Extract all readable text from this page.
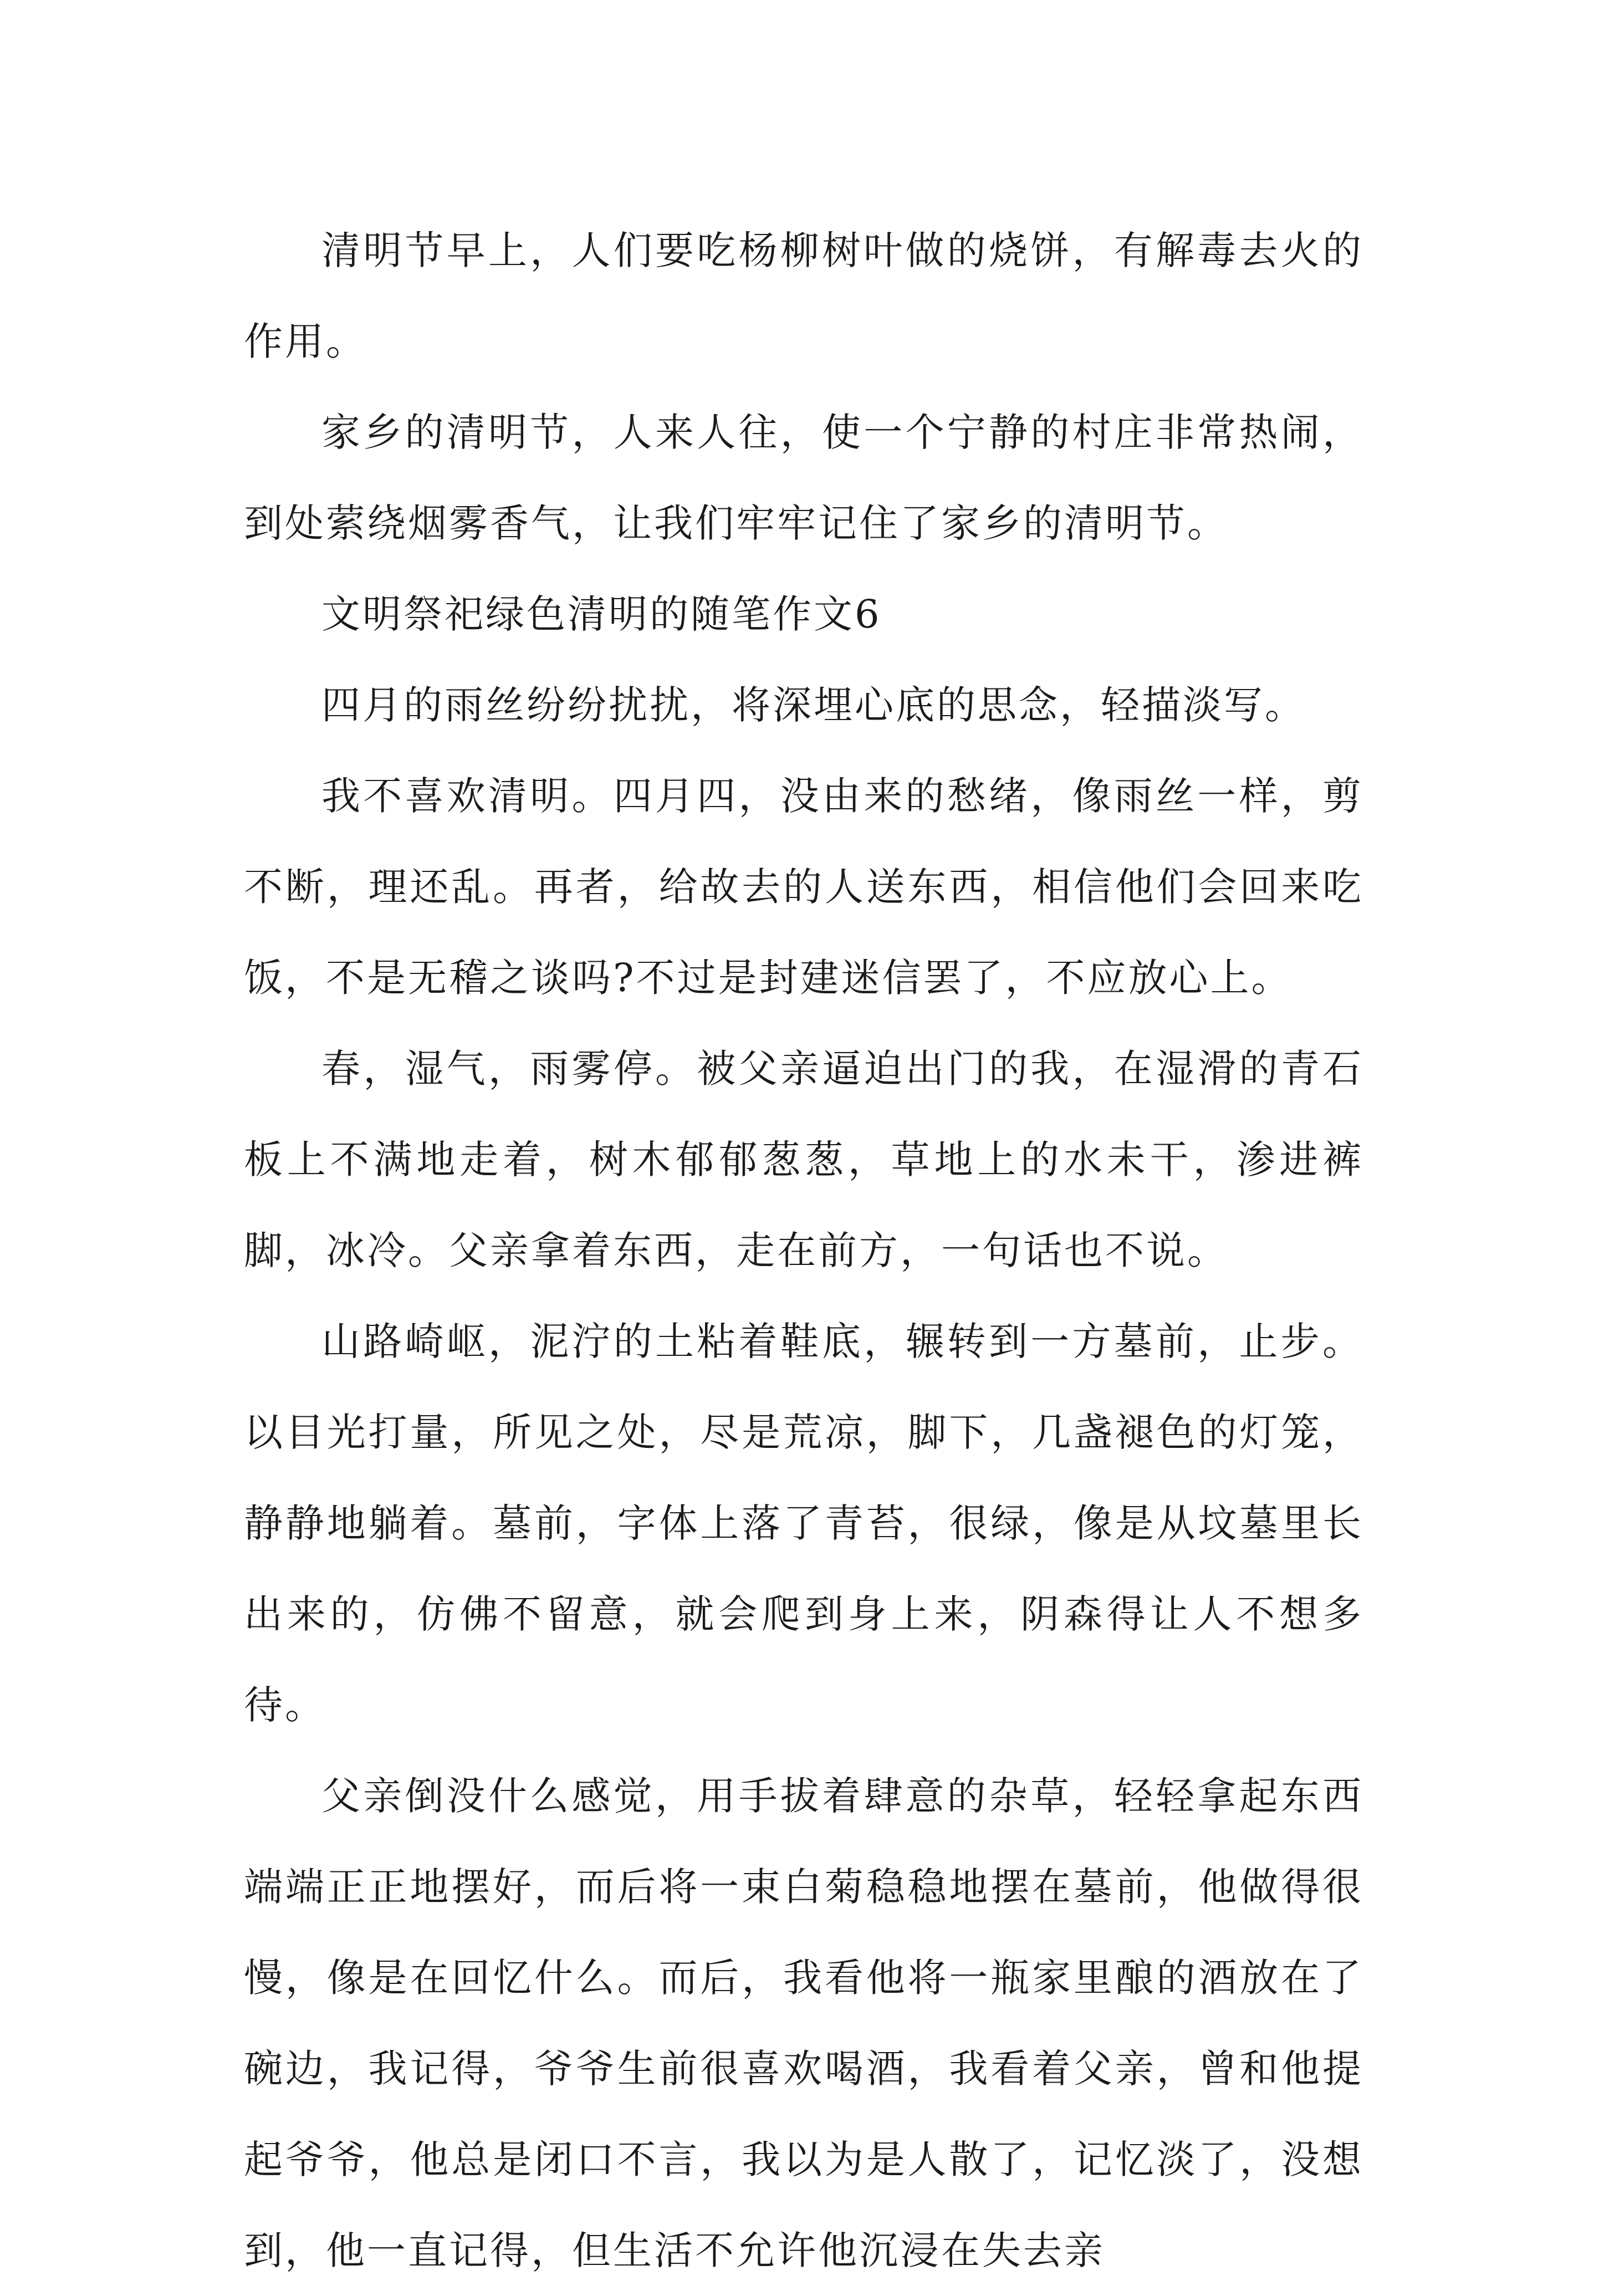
清明节早上，人们要吃杨柳树叶做的烧饼，有解毒去火的作用。

家乡的清明节，人来人往，使一个宁静的村庄非常热闹，到处萦绕烟雾香气，让我们牢牢记住了家乡的清明节。

文明祭祀绿色清明的随笔作文6

四月的雨丝纷纷扰扰，将深埋心底的思念，轻描淡写。

我不喜欢清明。四月四，没由来的愁绪，像雨丝一样，剪不断，理还乱。再者，给故去的人送东西，相信他们会回来吃饭，不是无稽之谈吗?不过是封建迷信罢了，不应放心上。

春，湿气，雨雾停。被父亲逼迫出门的我，在湿滑的青石板上不满地走着，树木郁郁葱葱，草地上的水未干，渗进裤脚，冰冷。父亲拿着东西，走在前方，一句话也不说。

山路崎岖，泥泞的土粘着鞋底，辗转到一方墓前，止步。以目光打量，所见之处，尽是荒凉，脚下，几盏褪色的灯笼，静静地躺着。墓前，字体上落了青苔，很绿，像是从坟墓里长出来的，仿佛不留意，就会爬到身上来，阴森得让人不想多待。

父亲倒没什么感觉，用手拔着肆意的杂草，轻轻拿起东西端端正正地摆好，而后将一束白菊稳稳地摆在墓前，他做得很慢，像是在回忆什么。而后，我看他将一瓶家里酿的酒放在了碗边，我记得，爷爷生前很喜欢喝酒，我看着父亲，曾和他提起爷爷，他总是闭口不言，我以为是人散了，记忆淡了，没想到，他一直记得，但生活不允许他沉浸在失去亲
